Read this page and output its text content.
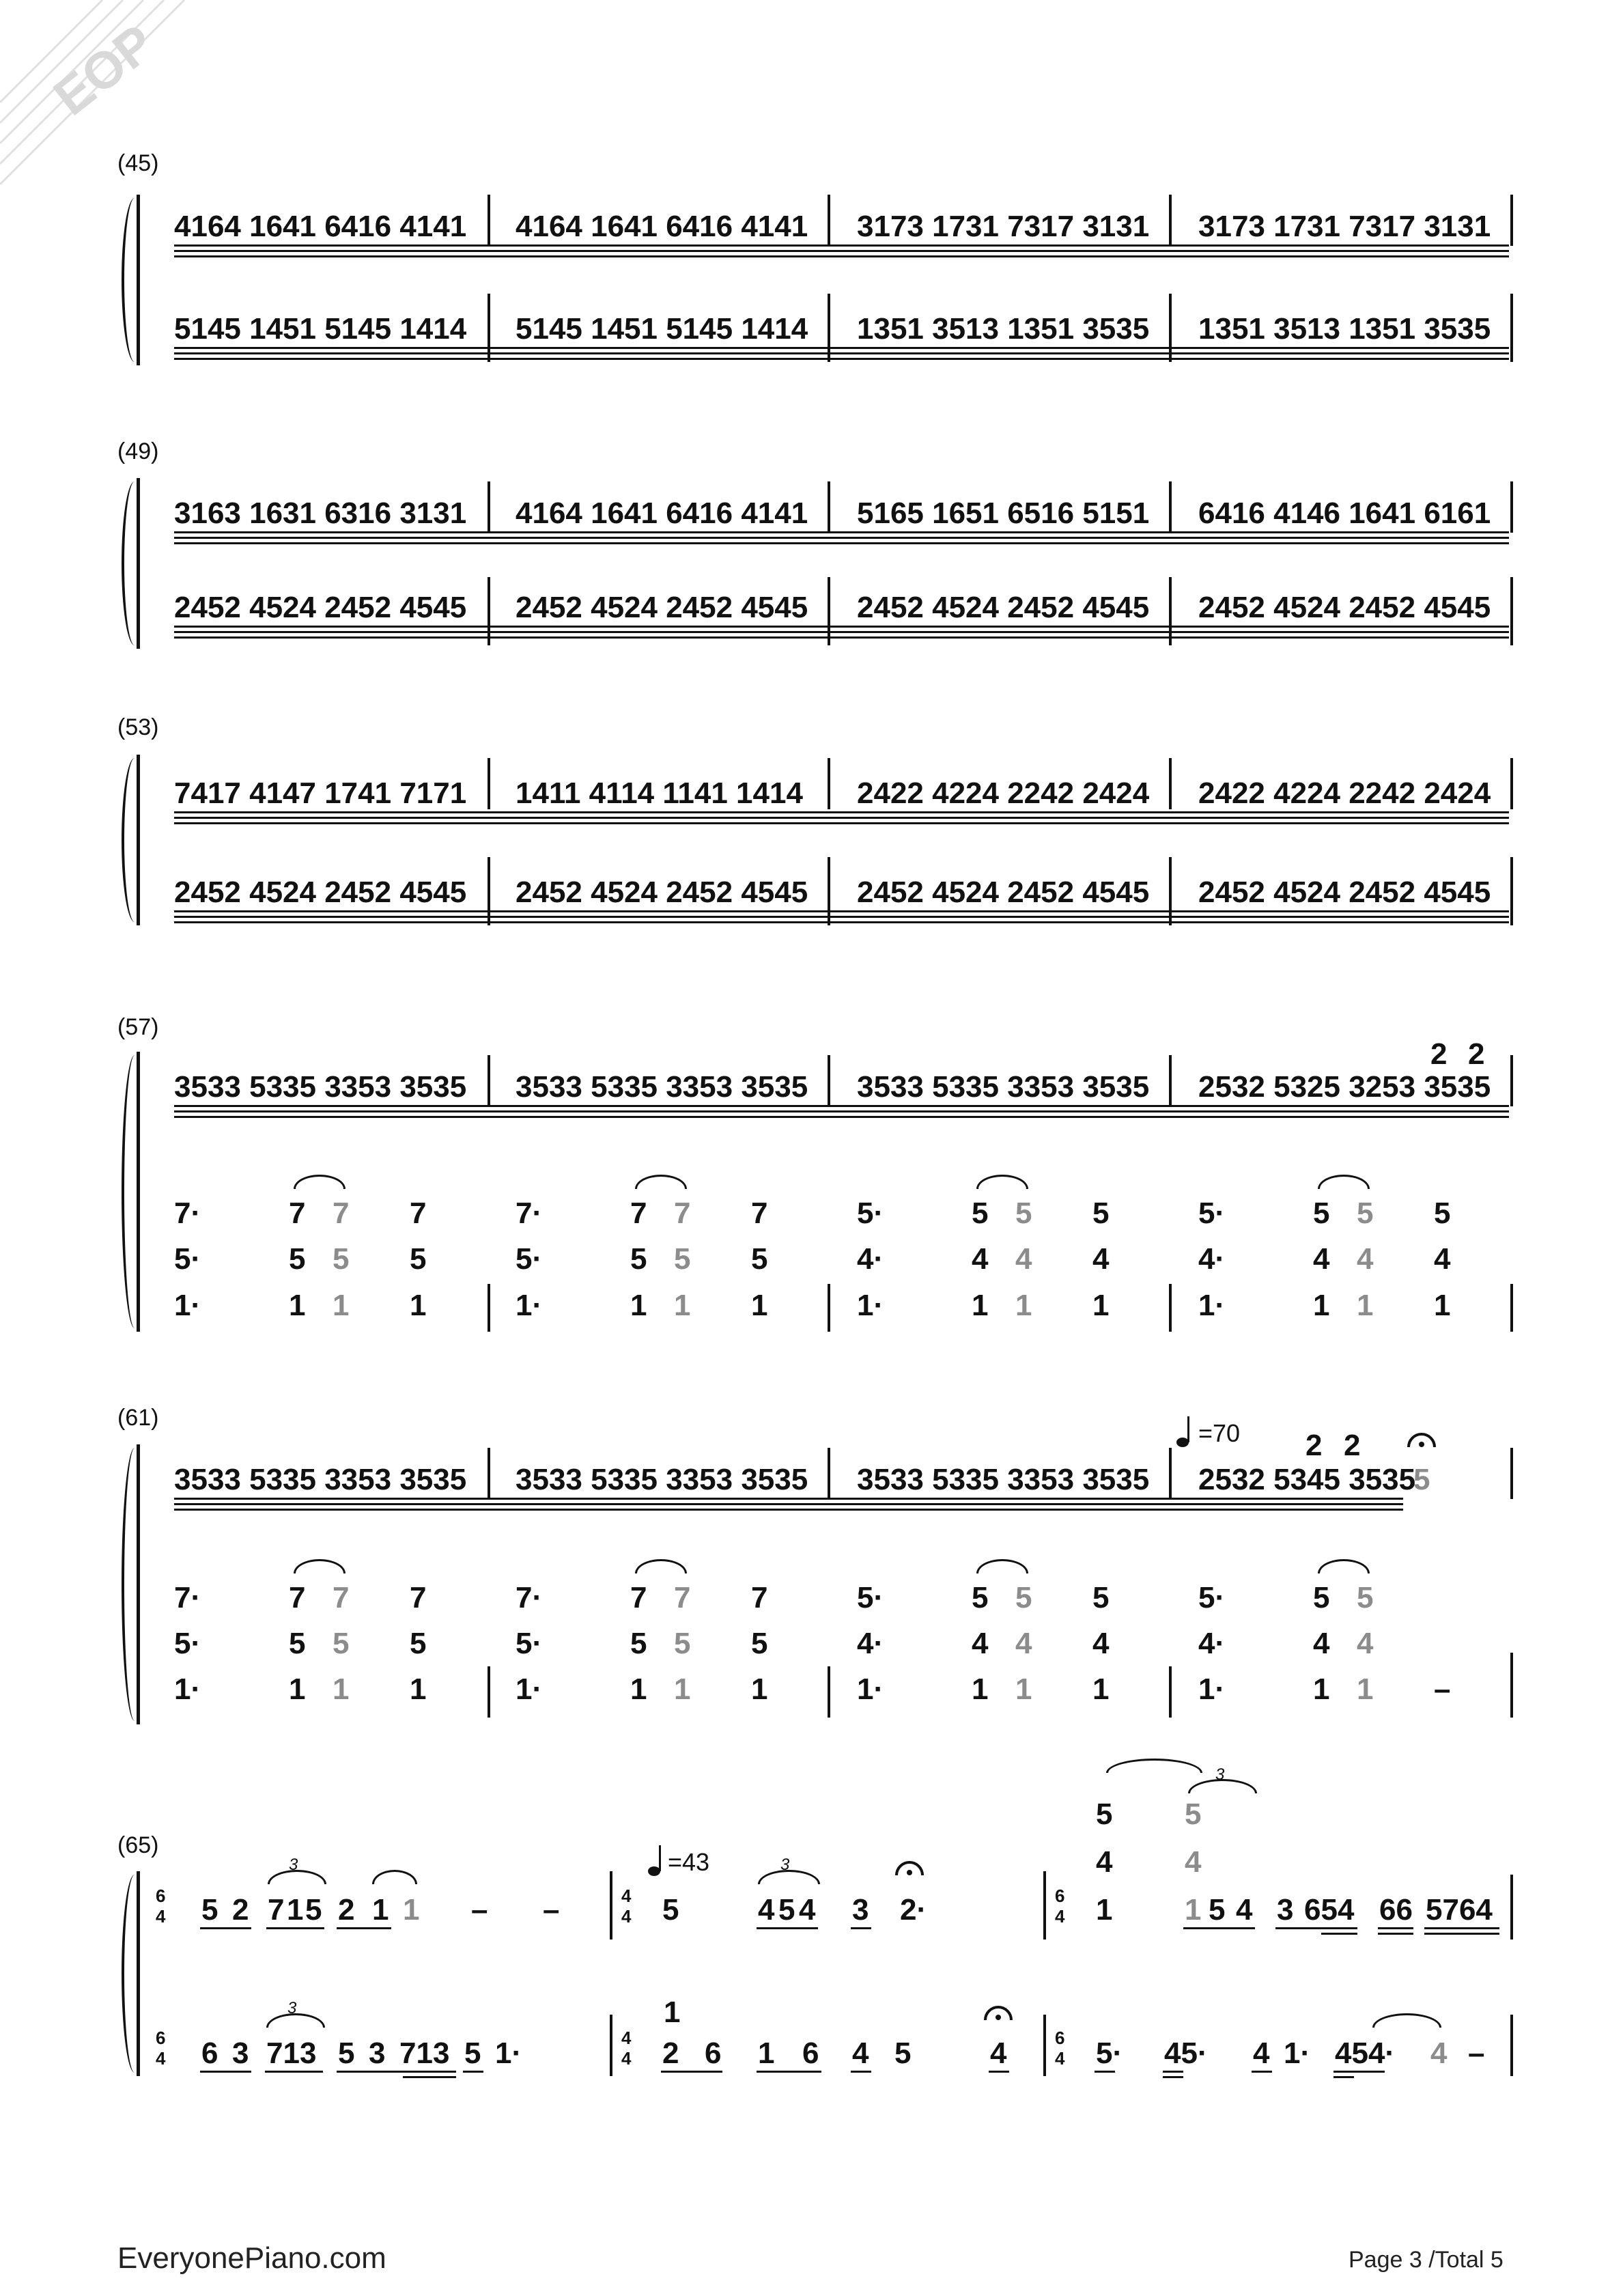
EOP
(45)
4164 1641 6416 4141 4164 1641 6416 4141 3173 1731 7317 3131 3173 1731 7317 3131
5145 1451 5145 1414 5145 1451 5145 1414 1351 3513 1351 3535 1351 3513 1351 3535
(49)
3163 1631 6316 3131 4164 1641 6416 4141 5165 1651 6516 5151 6416 4146 1641 6161
2452 4524 2452 4545 2452 4524 2452 4545 2452 4524 2452 4545 2452 4524 2452 4545
(53)
7417 4147 1741 7171 1411 4114 1141 1414 2422 4224 2242 2424 2422 4224 2242 2424
2452 4524 2452 4545 2452 4524 2452 4545 2452 4524 2452 4545 2452 4524 2452 4545
(57)
2 2
3533 5335 3353 3535 3533 5335 3353 3535 3533 5335 3353 3535 2532 5325 3253 3535
7·
5·
1·
7
5
1
7
5
1
7
5
1
7·
5·
1·
7
5
1
7
5
1
7
5
1
5·
4·
1·
5
4
1
5
4
1
5
4
1
5·
4·
1·
5
4
1
5
4
1
5
4
1
(61)
=70 2 2
3533 5335 3353 3535 3533 5335 3353 3535 3533 5335 3353 3535 2532 5345 3535
5
7·
5·
1·
7
5
1
7
5
1
7
5
1
7·
5·
1·
7
5
1
7
5
1
7
5
1
5·
4·
1·
5
4
1
5
4
1
5
4
1
5·
4·
1·
5
4
1
5
4
1 –
(65)
6
4
6
4
5 2
3
7 1 5 2 1 1 – –
6 3
3
713 5 3 713 5 1·
4
4
4
4
=43
5
3
4 5 4 3 2·
1
2 6 1 6 4 5	4
6
4
6
4
3
5
4
5
4
1 1 5 4 3 654 66 5764
5· 45· 4 1· 454· 4 –
EveryonePiano.com	Page 3 /Total 5
